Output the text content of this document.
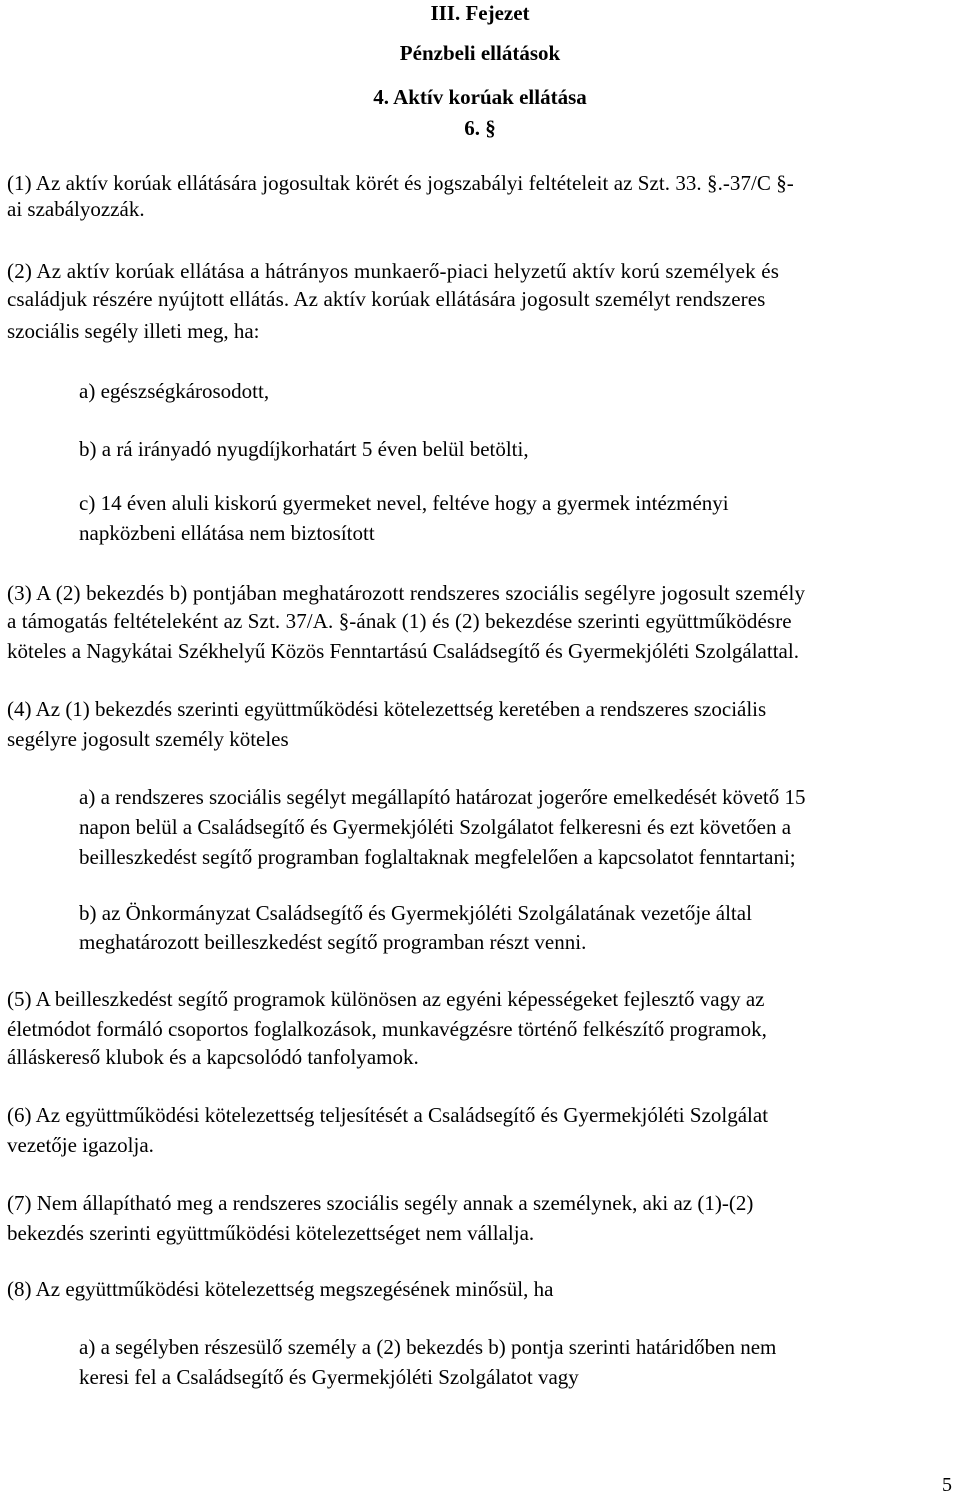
III. Fejezet
Pénzbeli ellátások
4. Aktív korúak ellátása
6. §
(1) Az aktív korúak ellátására jogosultak körét és jogszabályi feltételeit az Szt. 33. §.-37/C §-
ai szabályozzák.
(2) Az aktív korúak ellátása a hátrányos munkaerő-piaci helyzetű aktív korú személyek és
családjuk részére nyújtott ellátás. Az aktív korúak ellátására jogosult személyt rendszeres
szociális segély illeti meg, ha:
a) egészségkárosodott,
b) a rá irányadó nyugdíjkorhatárt 5 éven belül betölti,
c) 14 éven aluli kiskorú gyermeket nevel, feltéve hogy a gyermek intézményi
napközbeni ellátása nem biztosított
(3) A (2) bekezdés b) pontjában meghatározott rendszeres szociális segélyre jogosult személy
a támogatás feltételeként az Szt. 37/A. §-ának (1) és (2) bekezdése szerinti együttműködésre
köteles a Nagykátai Székhelyű Közös Fenntartású Családsegítő és Gyermekjóléti Szolgálattal.
(4) Az (1) bekezdés szerinti együttműködési kötelezettség keretében a rendszeres szociális
segélyre jogosult személy köteles
a) a rendszeres szociális segélyt megállapító határozat jogerőre emelkedését követő 15
napon belül a Családsegítő és Gyermekjóléti Szolgálatot felkeresni és ezt követően a
beilleszkedést segítő programban foglaltaknak megfelelően a kapcsolatot fenntartani;
b) az Önkormányzat Családsegítő és Gyermekjóléti Szolgálatának vezetője által
meghatározott beilleszkedést segítő programban részt venni.
(5) A beilleszkedést segítő programok különösen az egyéni képességeket fejlesztő vagy az
életmódot formáló csoportos foglalkozások, munkavégzésre történő felkészítő programok,
álláskereső klubok és a kapcsolódó tanfolyamok.
(6) Az együttműködési kötelezettség teljesítését a Családsegítő és Gyermekjóléti Szolgálat
vezetője igazolja.
(7) Nem állapítható meg a rendszeres szociális segély annak a személynek, aki az (1)-(2)
bekezdés szerinti együttműködési kötelezettséget nem vállalja.
(8) Az együttműködési kötelezettség megszegésének minősül, ha
a) a segélyben részesülő személy a (2) bekezdés b) pontja szerinti határidőben nem
keresi fel a Családsegítő és Gyermekjóléti Szolgálatot vagy
5
